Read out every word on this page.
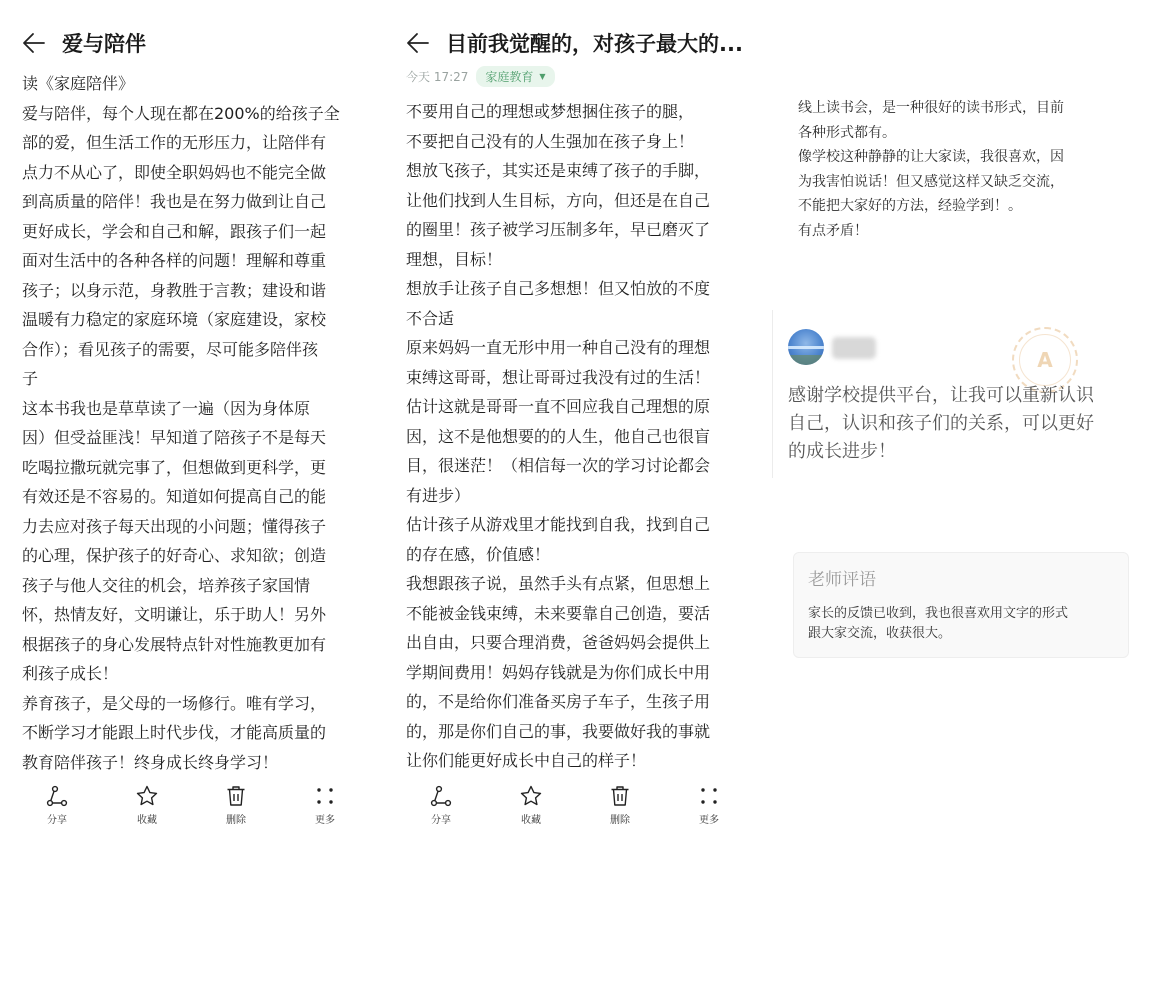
爱与陪伴

读《家庭陪伴》

爱与陪伴，每个人现在都在200%的给孩子全

部的爱，但生活工作的无形压力，让陪伴有

点力不从心了，即使全职妈妈也不能完全做

到高质量的陪伴！我也是在努力做到让自己

更好成长，学会和自己和解，跟孩子们一起

面对生活中的各种各样的问题！理解和尊重

孩子；以身示范，身教胜于言教；建设和谐

温暖有力稳定的家庭环境（家庭建设，家校

合作）；看见孩子的需要，尽可能多陪伴孩

子

这本书我也是草草读了一遍（因为身体原

因）但受益匪浅！早知道了陪孩子不是每天

吃喝拉撒玩就完事了，但想做到更科学，更

有效还是不容易的。知道如何提高自己的能

力去应对孩子每天出现的小问题；懂得孩子

的心理，保护孩子的好奇心、求知欲；创造

孩子与他人交往的机会，培养孩子家国情

怀，热情友好，文明谦让，乐于助人！另外

根据孩子的身心发展特点针对性施教更加有

利孩子成长！

养育孩子，是父母的一场修行。唯有学习，

不断学习才能跟上时代步伐，才能高质量的

教育陪伴孩子！终身成长终身学习！

分享	收藏	删除	更多
目前我觉醒的，对孩子最大的...
今天 17:27 家庭教育 ▼

不要用自己的理想或梦想捆住孩子的腿，

不要把自己没有的人生强加在孩子身上！

想放飞孩子，其实还是束缚了孩子的手脚，

让他们找到人生目标，方向，但还是在自己

的圈里！孩子被学习压制多年，早已磨灭了

理想，目标！

想放手让孩子自己多想想！但又怕放的不度

不合适

原来妈妈一直无形中用一种自己没有的理想

束缚这哥哥，想让哥哥过我没有过的生活！

估计这就是哥哥一直不回应我自己理想的原

因，这不是他想要的的人生，他自己也很盲

目，很迷茫！（相信每一次的学习讨论都会

有进步）

估计孩子从游戏里才能找到自我，找到自己

的存在感，价值感！

我想跟孩子说，虽然手头有点紧，但思想上

不能被金钱束缚，未来要靠自己创造，要活

出自由，只要合理消费，爸爸妈妈会提供上

学期间费用！妈妈存钱就是为你们成长中用

的，不是给你们准备买房子车子，生孩子用

的，那是你们自己的事，我要做好我的事就

让你们能更好成长中自己的样子！

分享	收藏	删除	更多

线上读书会，是一种很好的读书形式，目前

各种形式都有。

像学校这种静静的让大家读，我很喜欢，因

为我害怕说话！但又感觉这样又缺乏交流，

不能把大家好的方法，经验学到！。

有点矛盾！

A

感谢学校提供平台，让我可以重新认识

自己，认识和孩子们的关系，可以更好

的成长进步！

老师评语

家长的反馈已收到，我也很喜欢用文字的形式

跟大家交流，收获很大。
